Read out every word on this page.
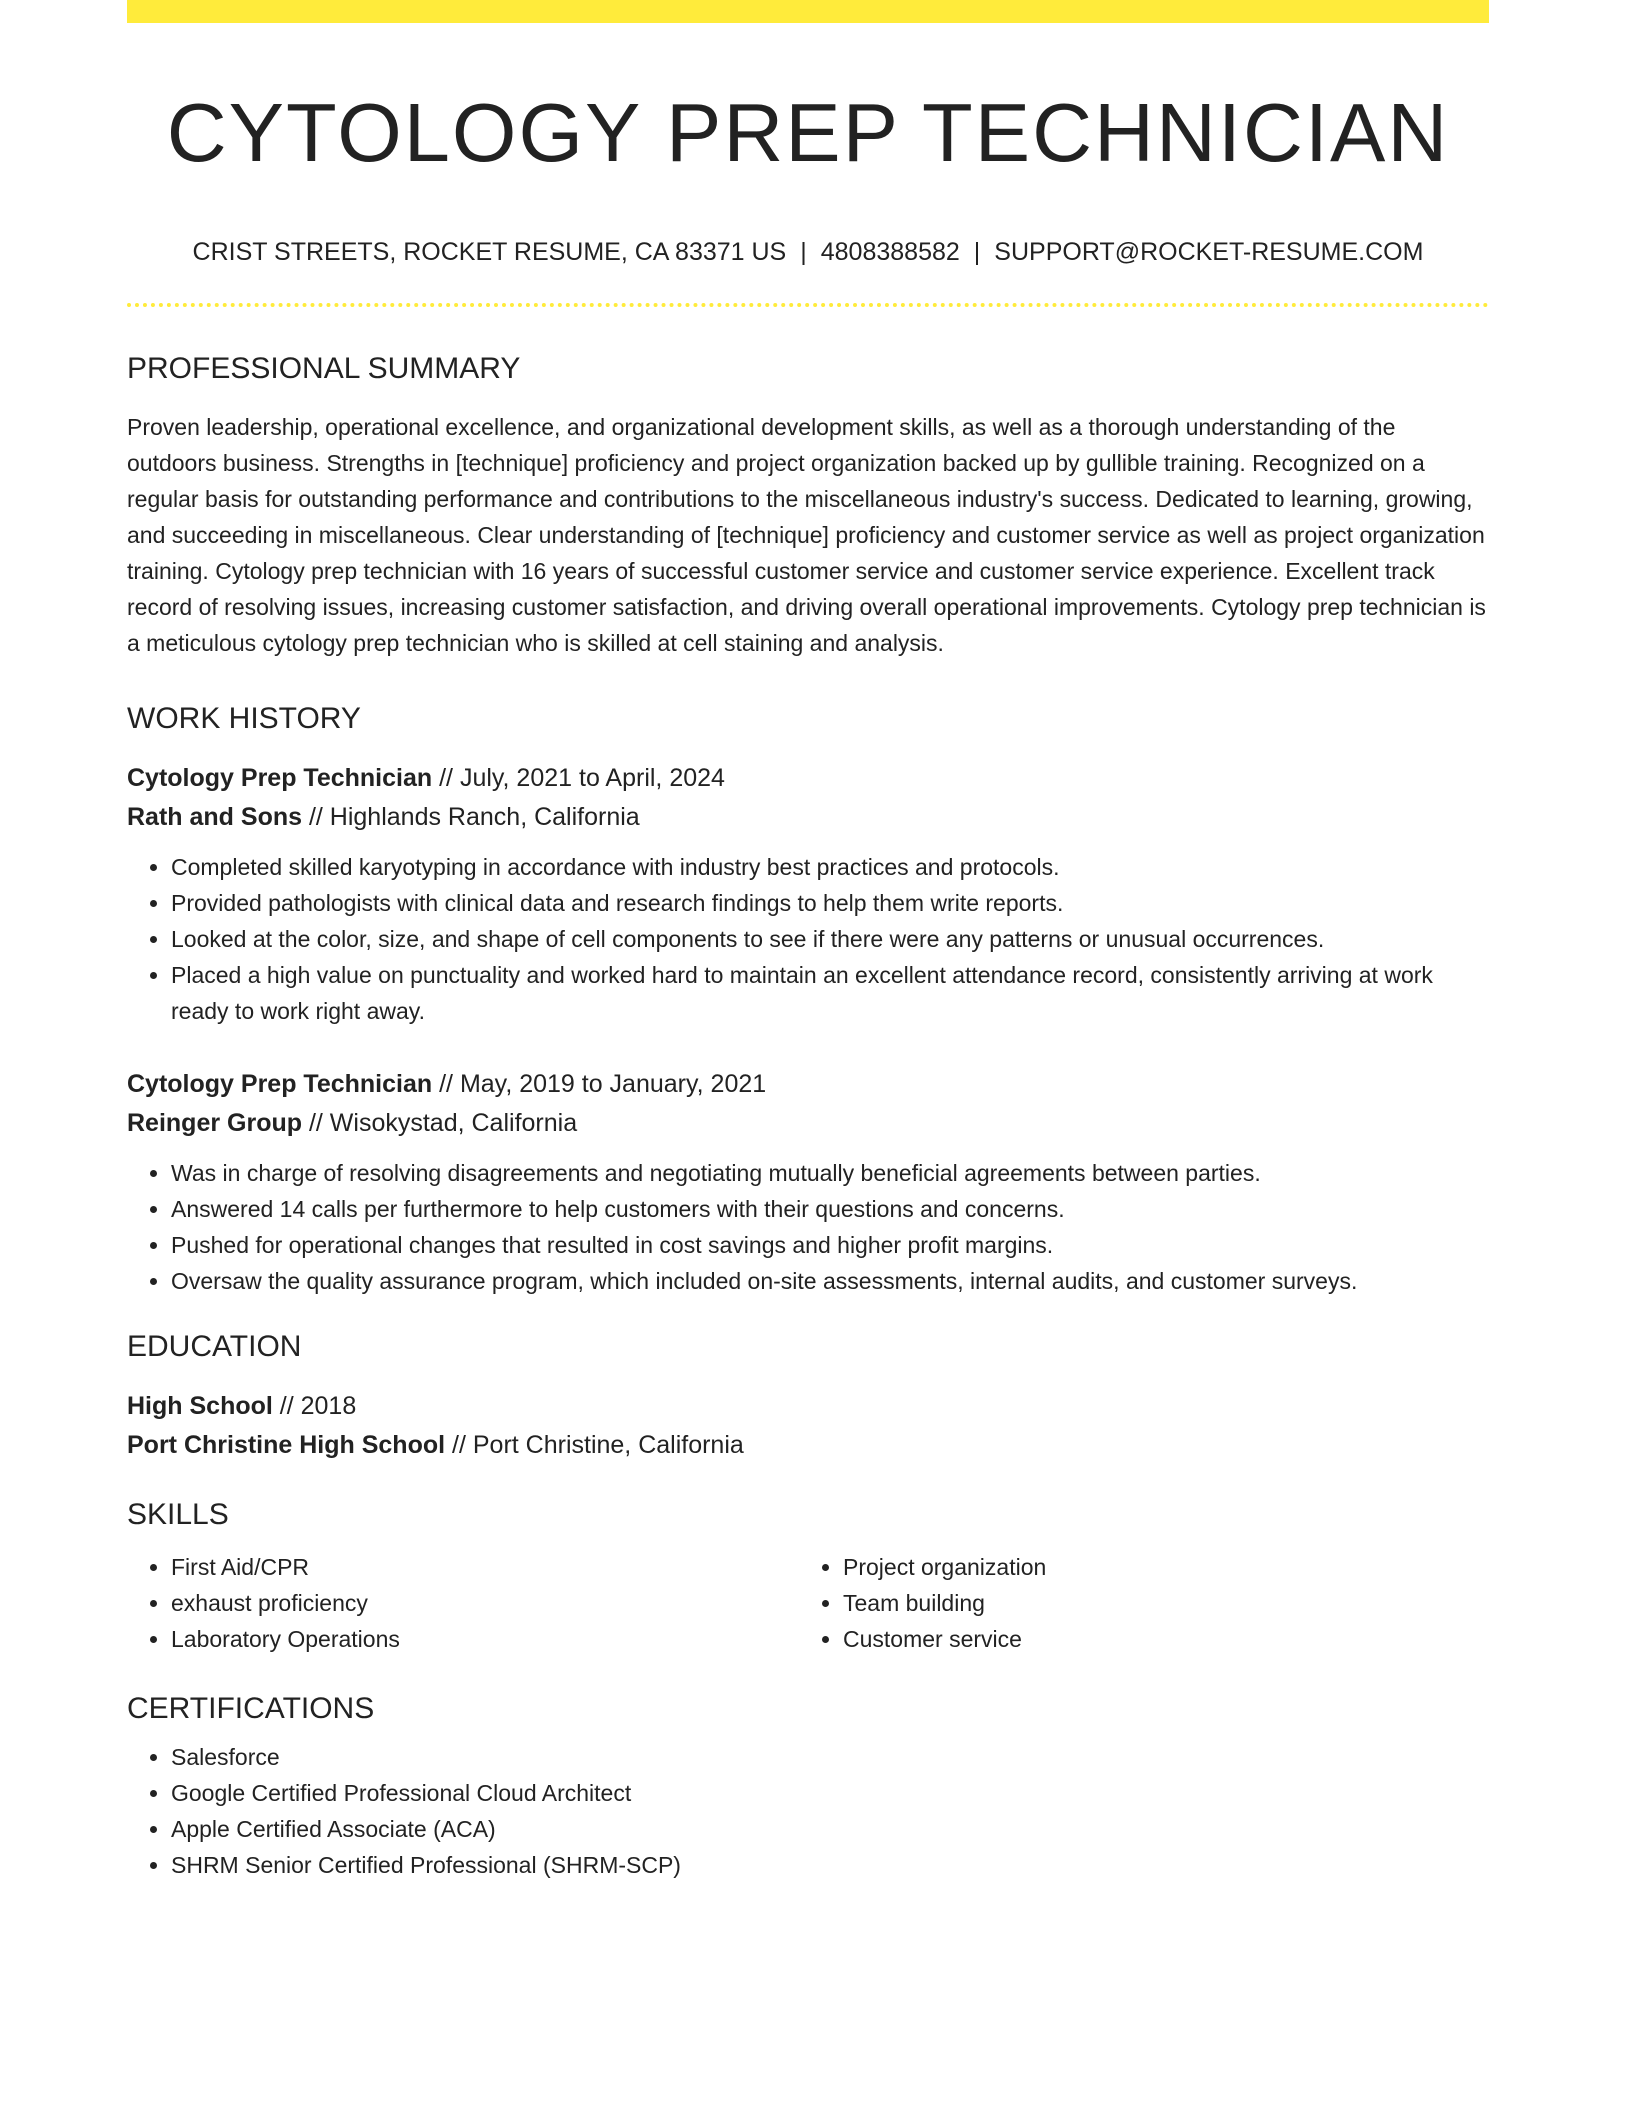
CYTOLOGY PREP TECHNICIAN
CRIST STREETS, ROCKET RESUME, CA 83371 US | 4808388582 | SUPPORT@ROCKET-RESUME.COM
PROFESSIONAL SUMMARY

Proven leadership, operational excellence, and organizational development skills, as well as a thorough understanding of the outdoors business. Strengths in [technique] proficiency and project organization backed up by gullible training. Recognized on a regular basis for outstanding performance and contributions to the miscellaneous industry's success. Dedicated to learning, growing, and succeeding in miscellaneous. Clear understanding of [technique] proficiency and customer service as well as project organization training. Cytology prep technician with 16 years of successful customer service and customer service experience. Excellent track record of resolving issues, increasing customer satisfaction, and driving overall operational improvements. Cytology prep technician is a meticulous cytology prep technician who is skilled at cell staining and analysis.

WORK HISTORY
Cytology Prep Technician // July, 2021 to April, 2024
Rath and Sons // Highlands Ranch, California
• Completed skilled karyotyping in accordance with industry best practices and protocols.
• Provided pathologists with clinical data and research findings to help them write reports.
• Looked at the color, size, and shape of cell components to see if there were any patterns or unusual occurrences.
• Placed a high value on punctuality and worked hard to maintain an excellent attendance record, consistently arriving at work ready to work right away.
Cytology Prep Technician // May, 2019 to January, 2021
Reinger Group // Wisokystad, California
• Was in charge of resolving disagreements and negotiating mutually beneficial agreements between parties.
• Answered 14 calls per furthermore to help customers with their questions and concerns.
• Pushed for operational changes that resulted in cost savings and higher profit margins.
• Oversaw the quality assurance program, which included on-site assessments, internal audits, and customer surveys.
EDUCATION
High School // 2018
Port Christine High School // Port Christine, California
SKILLS
• First Aid/CPR
• exhaust proficiency
• Laboratory Operations
• Project organization
• Team building
• Customer service
CERTIFICATIONS
• Salesforce
• Google Certified Professional Cloud Architect
• Apple Certified Associate (ACA)
• SHRM Senior Certified Professional (SHRM-SCP)
